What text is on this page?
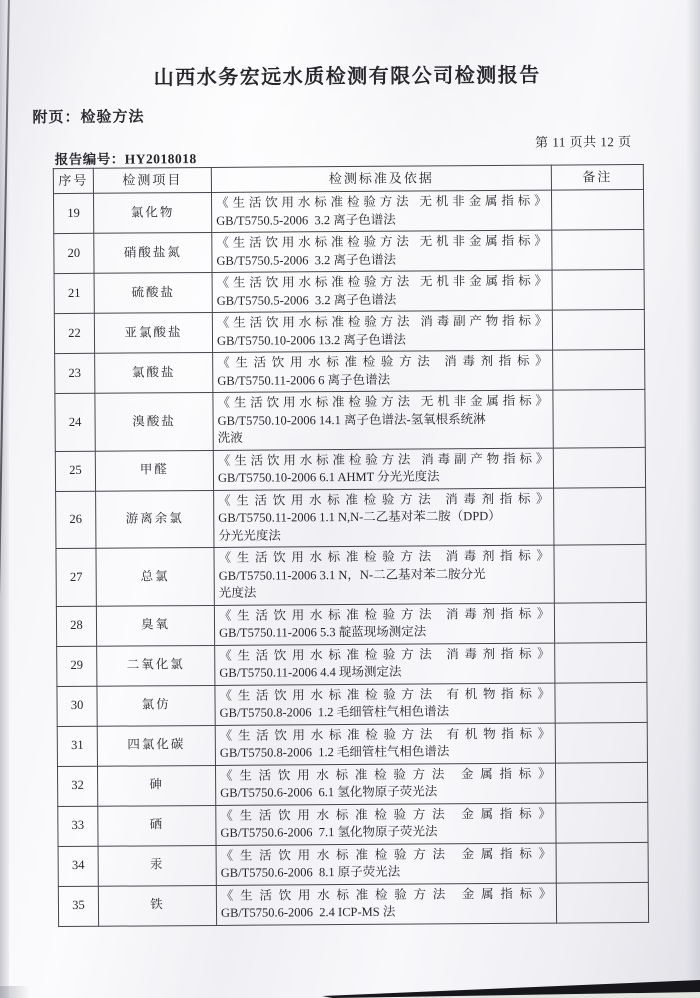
山西水务宏远水质检测有限公司检测报告
附页：检验方法
第 11 页共 12 页
报告编号：HY2018018
序号	检测项目	检测标准及依据	备注
19	氯化物	《生活饮用水标准检验方法 无机非金属指标》
GB/T5750.5-2006  3.2 离子色谱法	

20	硝酸盐氮	《生活饮用水标准检验方法 无机非金属指标》
GB/T5750.5-2006  3.2 离子色谱法	

21	硫酸盐	《生活饮用水标准检验方法 无机非金属指标》
GB/T5750.5-2006  3.2 离子色谱法	

22	亚氯酸盐	《生活饮用水标准检验方法 消毒副产物指标》
GB/T5750.10-2006 13.2 离子色谱法	

23	氯酸盐	《生活饮用水标准检验方法 消毒剂指标》
GB/T5750.11-2006 6 离子色谱法	

24	溴酸盐	《生活饮用水标准检验方法 无机非金属指标》
GB/T5750.10-2006 14.1 离子色谱法-氢氧根系统淋
洗液	

25	甲醛	《生活饮用水标准检验方法 消毒副产物指标》
GB/T5750.10-2006 6.1 AHMT 分光光度法	

26	游离余氯	《生活饮用水标准检验方法 消毒剂指标》
GB/T5750.11-2006 1.1 N,N-二乙基对苯二胺（DPD）
分光光度法	

27	总氯	《生活饮用水标准检验方法 消毒剂指标》
GB/T5750.11-2006 3.1 N，N-二乙基对苯二胺分光
光度法	

28	臭氧	《生活饮用水标准检验方法 消毒剂指标》
GB/T5750.11-2006 5.3 靛蓝现场测定法	

29	二氧化氯	《生活饮用水标准检验方法 消毒剂指标》
GB/T5750.11-2006 4.4 现场测定法	

30	氯仿	《生活饮用水标准检验方法 有机物指标》
GB/T5750.8-2006  1.2 毛细管柱气相色谱法	

31	四氯化碳	《生活饮用水标准检验方法 有机物指标》
GB/T5750.8-2006  1.2 毛细管柱气相色谱法	

32	砷	《生活饮用水标准检验方法 金属指标》
GB/T5750.6-2006  6.1 氢化物原子荧光法	

33	硒	《生活饮用水标准检验方法 金属指标》
GB/T5750.6-2006  7.1 氢化物原子荧光法	

34	汞	《生活饮用水标准检验方法 金属指标》
GB/T5750.6-2006  8.1 原子荧光法	

35	铁	《生活饮用水标准检验方法 金属指标》
GB/T5750.6-2006  2.4 ICP-MS 法	
